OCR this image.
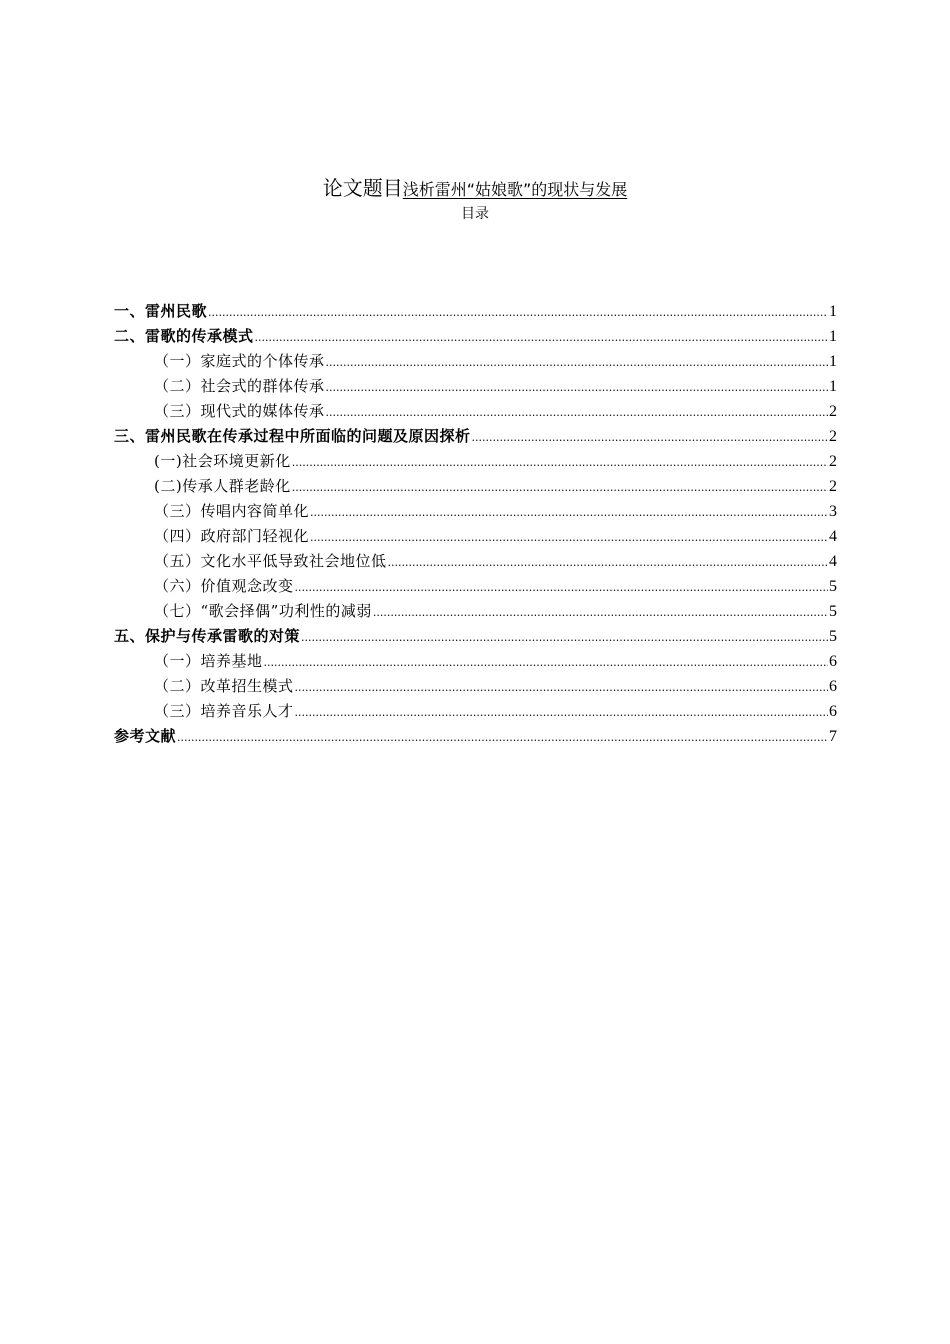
论文题目浅析雷州“姑娘歌”的现状与发展
目录
一、雷州民歌 .....	1
二、雷歌的传承模式 .....	1
（一）家庭式的个体传承 .....	1
（二）社会式的群体传承 .....	1
（三）现代式的媒体传承 .....	2
三、雷州民歌在传承过程中所面临的问题及原因探析 .....	2
(一)社会环境更新化 .....	2
(二)传承人群老龄化 .....	2
（三）传唱内容简单化 .....	3
（四）政府部门轻视化 .....	4
（五）文化水平低导致社会地位低 .....	4
（六）价值观念改变 .....	5
（七）“歌会择偶”功利性的减弱 .....	5
五、保护与传承雷歌的对策 .....	5
（一）培养基地 .....	6
（二）改革招生模式 .....	6
（三）培养音乐人才 .....	6
参考文献 .....	7
